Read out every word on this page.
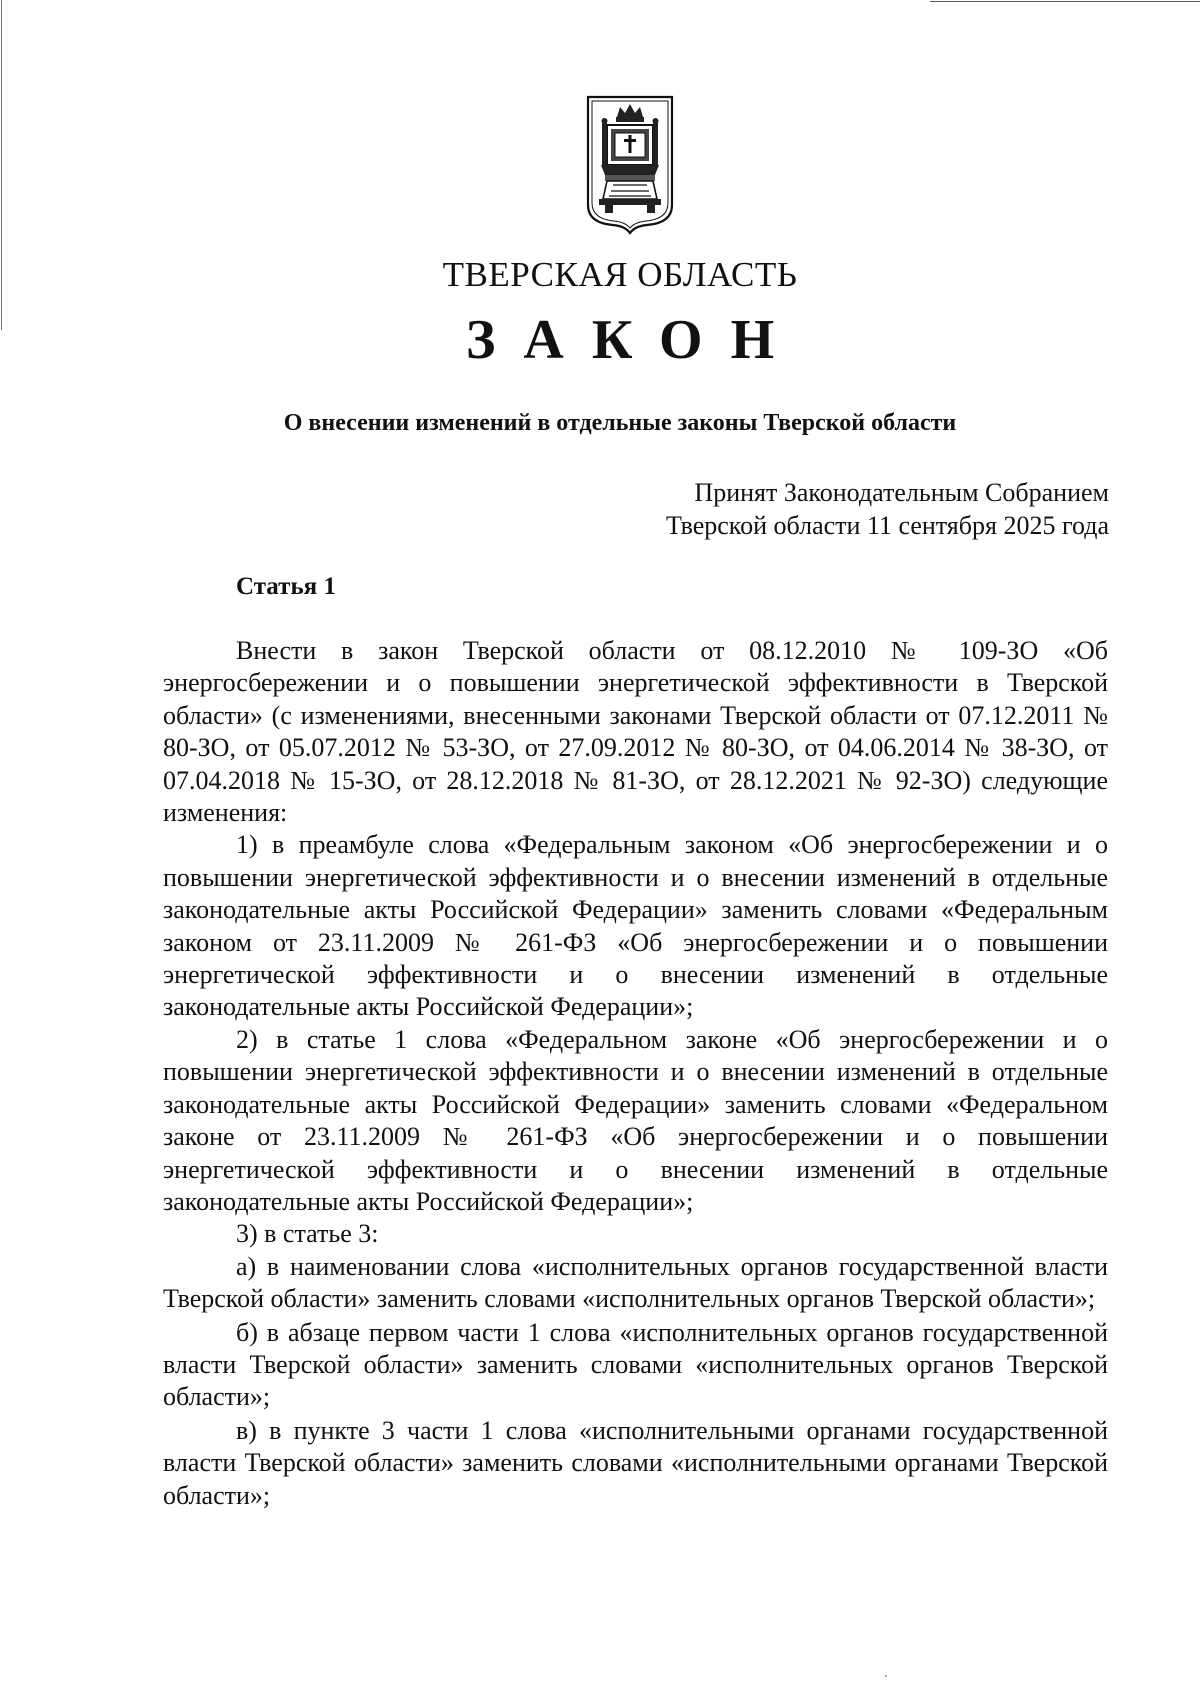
ТВЕРСКАЯ ОБЛАСТЬ
ЗАКОН
О внесении изменений в отдельные законы Тверской области
Принят Законодательным Собранием
Тверской области 11 сентября 2025 года
Статья 1

Внести в закон Тверской области от 08.12.2010 № 109-ЗО «Об энергосбережении и о повышении энергетической эффективности в Тверской области» (с изменениями, внесенными законами Тверской области от 07.12.2011 № 80-ЗО, от 05.07.2012 № 53-ЗО, от 27.09.2012 № 80-ЗО, от 04.06.2014 № 38-ЗО, от 07.04.2018 № 15-ЗО, от 28.12.2018 № 81-ЗО, от 28.12.2021 № 92-ЗО) следующие изменения:

1) в преамбуле слова «Федеральным законом «Об энергосбережении и о повышении энергетической эффективности и о внесении изменений в отдельные законодательные акты Российской Федерации» заменить словами «Федеральным законом от 23.11.2009 № 261-ФЗ «Об энергосбережении и о повышении энергетической эффективности и о внесении изменений в отдельные законодательные акты Российской Федерации»;

2) в статье 1 слова «Федеральном законе «Об энергосбережении и о повышении энергетической эффективности и о внесении изменений в отдельные законодательные акты Российской Федерации» заменить словами «Федеральном законе от 23.11.2009 № 261-ФЗ «Об энергосбережении и о повышении энергетической эффективности и о внесении изменений в отдельные законодательные акты Российской Федерации»;

3) в статье 3:

а) в наименовании слова «исполнительных органов государственной власти Тверской области» заменить словами «исполнительных органов Тверской области»;

б) в абзаце первом части 1 слова «исполнительных органов государственной власти Тверской области» заменить словами «исполнительных органов Тверской области»;

в) в пункте 3 части 1 слова «исполнительными органами государственной власти Тверской области» заменить словами «исполнительными органами Тверской области»;
